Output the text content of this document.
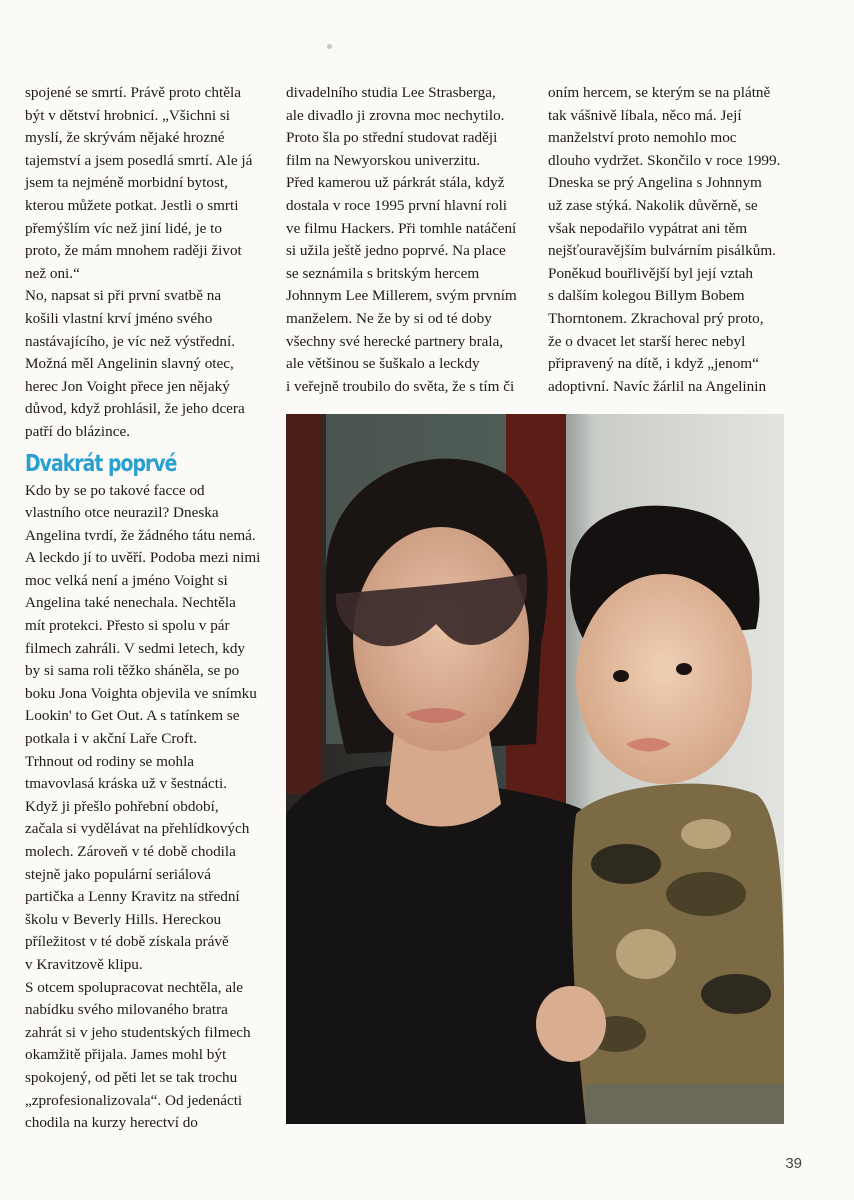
spojené se smrtí. Právě proto chtěla

být v dětství hrobnicí. „Všichni si

myslí, že skrývám nějaké hrozné

tajemství a jsem posedlá smrtí. Ale já

jsem ta nejméně morbidní bytost,

kterou můžete potkat. Jestli o smrti

přemýšlím víc než jiní lidé, je to

proto, že mám mnohem raději život

než oni.“

No, napsat si při první svatbě na

košili vlastní krví jméno svého

nastávajícího, je víc než výstřední.

Možná měl Angelinin slavný otec,

herec Jon Voight přece jen nějaký

důvod, když prohlásil, že jeho dcera

patří do blázince.

Dvakrát poprvé

Kdo by se po takové facce od

vlastního otce neurazil? Dneska

Angelina tvrdí, že žádného tátu nemá.

A leckdo jí to uvěří. Podoba mezi nimi

moc velká není a jméno Voight si

Angelina také nenechala. Nechtěla

mít protekci. Přesto si spolu v pár

filmech zahráli. V sedmi letech, kdy

by si sama roli těžko sháněla, se po

boku Jona Voighta objevila ve snímku

Lookin' to Get Out. A s tatínkem se

potkala i v akční Laře Croft.

Trhnout od rodiny se mohla

tmavovlasá kráska už v šestnácti.

Když ji přešlo pohřební období,

začala si vydělávat na přehlídkových

molech. Zároveň v té době chodila

stejně jako populární seriálová

partička a Lenny Kravitz na střední

školu v Beverly Hills. Hereckou

příležitost v té době získala právě

v Kravitzově klipu.

S otcem spolupracovat nechtěla, ale

nabídku svého milovaného bratra

zahrát si v jeho studentských filmech

okamžitě přijala. James mohl být

spokojený, od pěti let se tak trochu

„zprofesionalizovala“. Od jedenácti

chodila na kurzy herectví do

divadelního studia Lee Strasberga,

ale divadlo ji zrovna moc nechytilo.

Proto šla po střední studovat raději

film na Newyorskou univerzitu.

Před kamerou už párkrát stála, když

dostala v roce 1995 první hlavní roli

ve filmu Hackers. Při tomhle natáčení

si užila ještě jedno poprvé. Na place

se seznámila s britským hercem

Johnnym Lee Millerem, svým prvním

manželem. Ne že by si od té doby

všechny své herecké partnery brala,

ale většinou se šuškalo a leckdy

i veřejně troubilo do světa, že s tím či

oním hercem, se kterým se na plátně

tak vášnivě líbala, něco má. Její

manželství proto nemohlo moc

dlouho vydržet. Skončilo v roce 1999.

Dneska se prý Angelina s Johnnym

už zase stýká. Nakolik důvěrně, se

však nepodařilo vypátrat ani těm

nejšťouravějším bulvárním pisálkům.

Poněkud bouřlivější byl její vztah

s dalším kolegou Billym Bobem

Thorntonem. Zkrachoval prý proto,

že o dvacet let starší herec nebyl

připravený na dítě, i když „jenom“

adoptivní. Navíc žárlil na Angelinin

39
